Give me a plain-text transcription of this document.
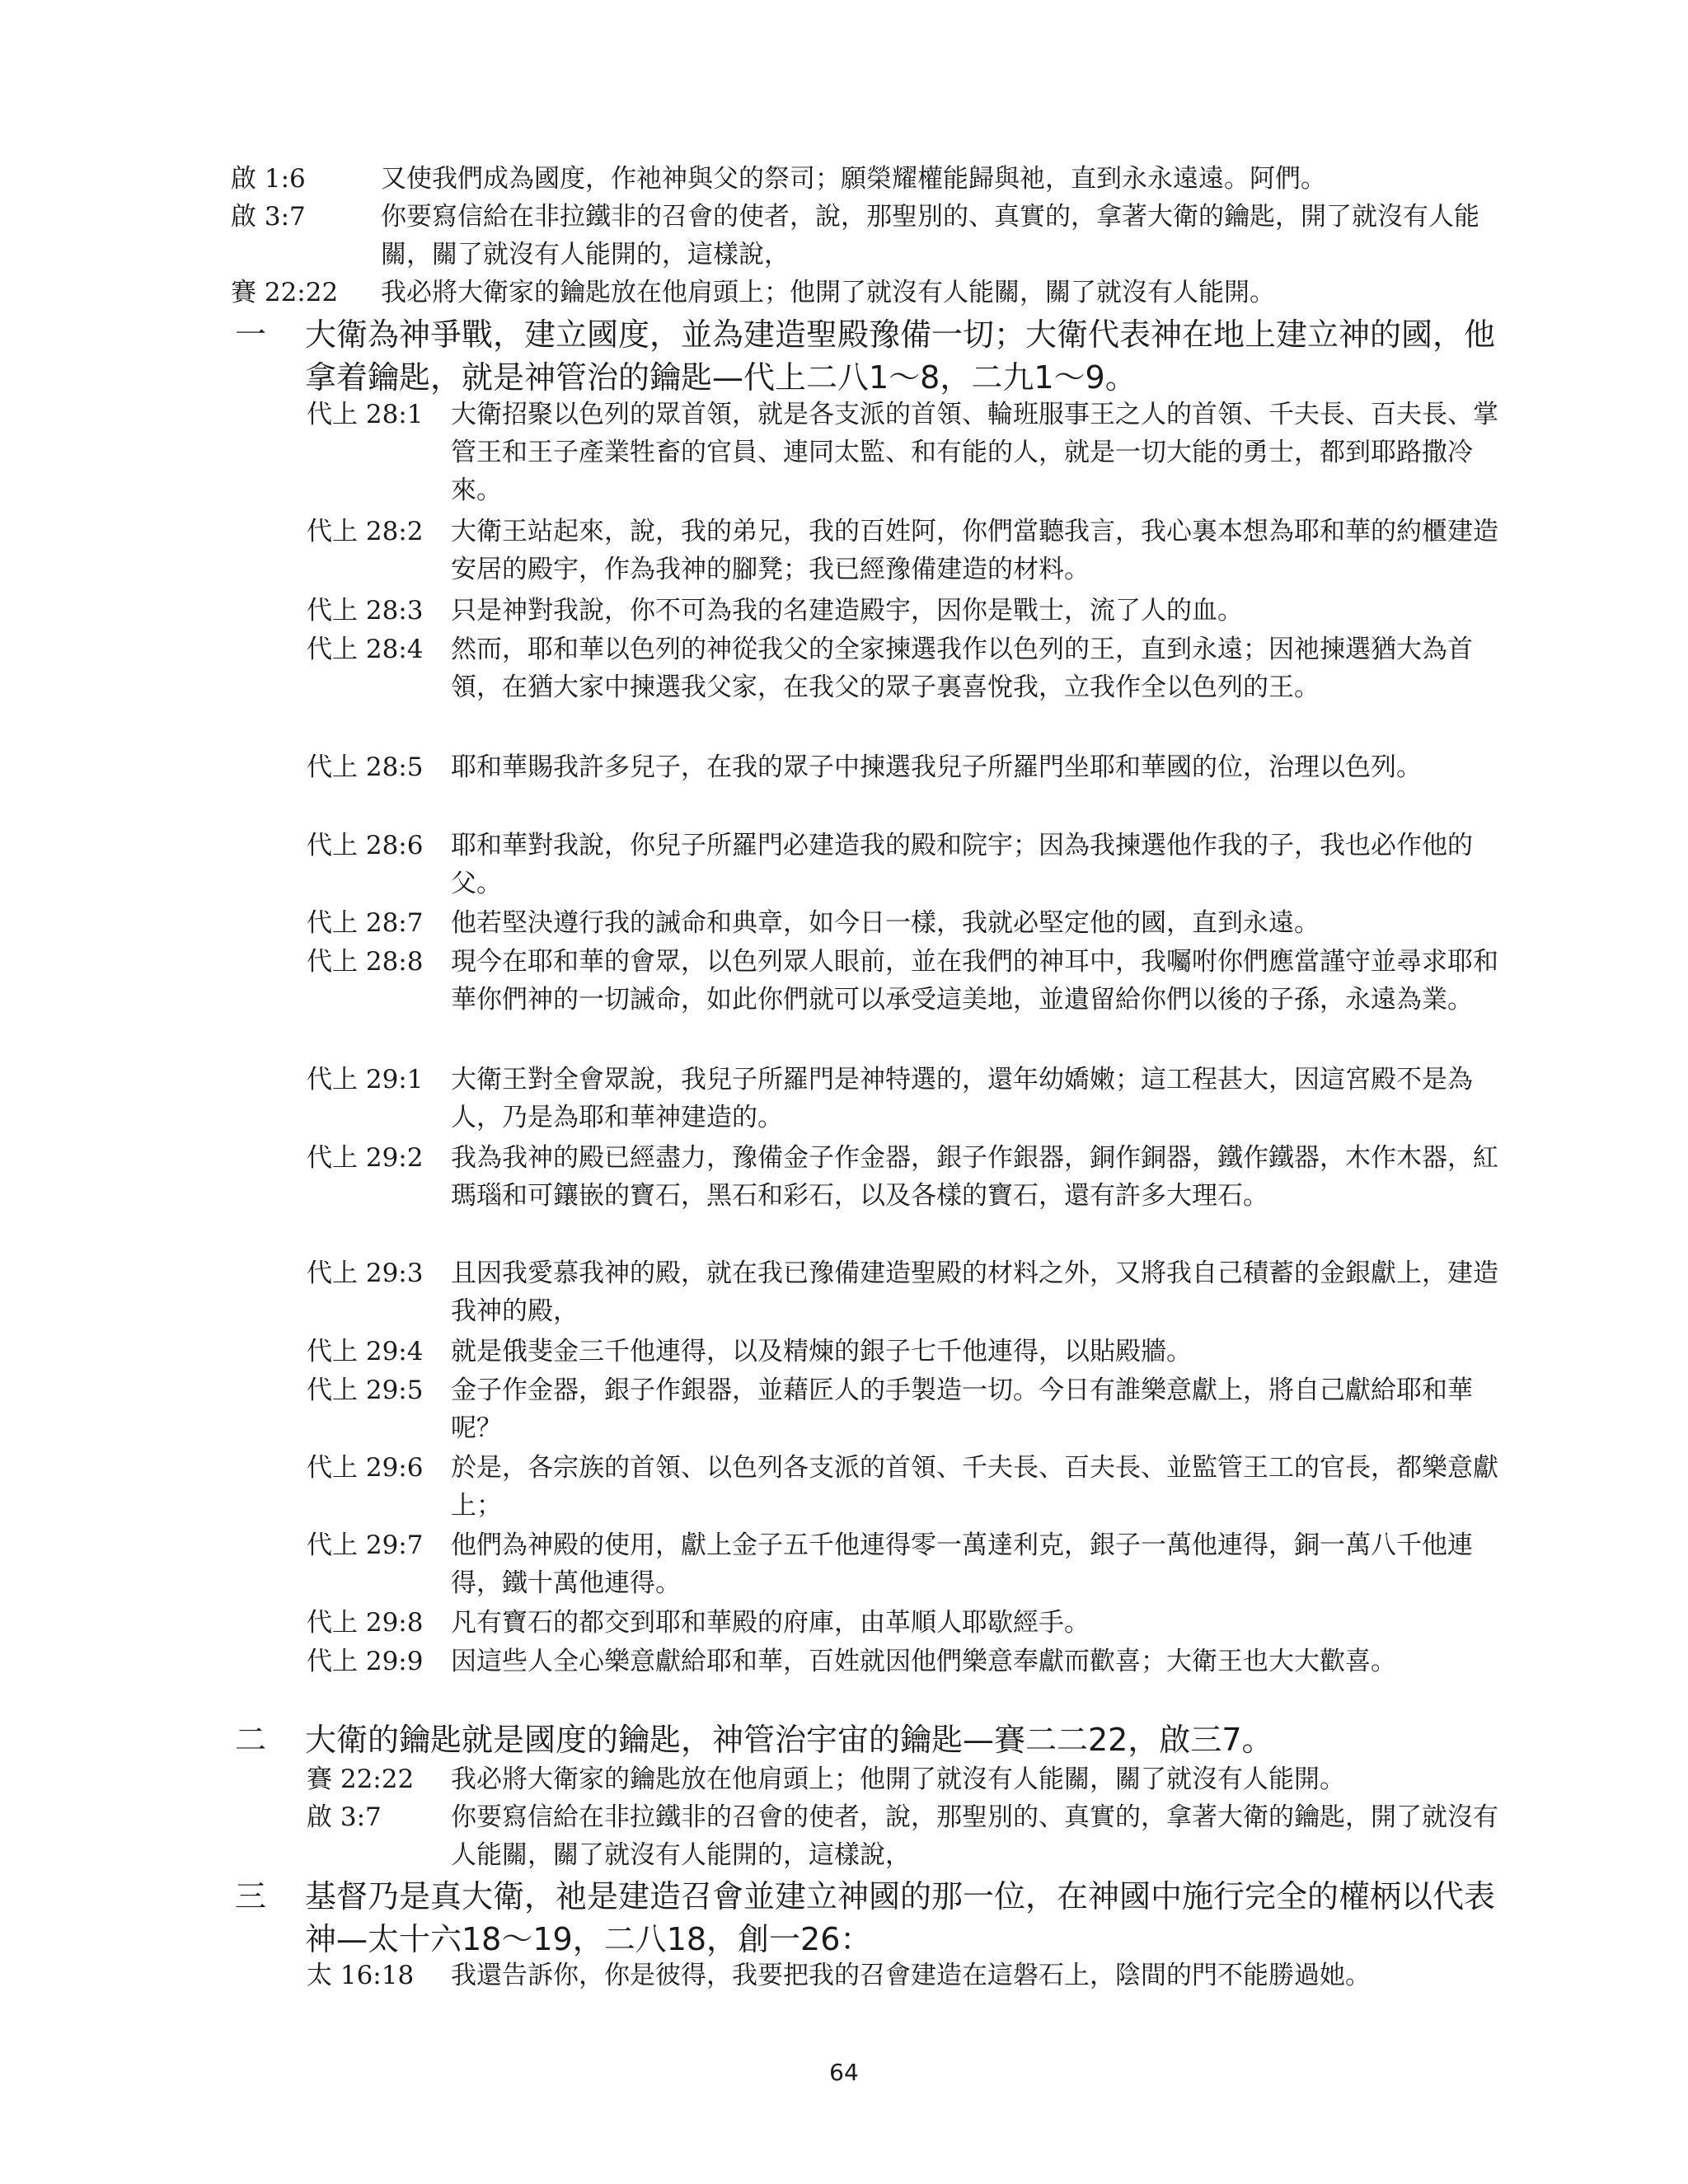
啟 1:6	又使我們成為國度，作祂神與父的祭司；願榮耀權能歸與祂，直到永永遠遠。阿們。
啟 3:7	你要寫信給在非拉鐵非的召會的使者，說，那聖別的、真實的，拿著大衛的鑰匙，開了就沒有人能關，關了就沒有人能開的，這樣說，
賽 22:22	我必將大衛家的鑰匙放在他肩頭上；他開了就沒有人能關，關了就沒有人能開。
一	大衛為神爭戰，建立國度，並為建造聖殿豫備一切；大衛代表神在地上建立神的國，他拿着鑰匙，就是神管治的鑰匙—代上二八1～8，二九1～9。
代上 28:1	大衛招聚以色列的眾首領，就是各支派的首領、輪班服事王之人的首領、千夫長、百夫長、掌管王和王子產業牲畜的官員、連同太監、和有能的人，就是一切大能的勇士，都到耶路撒冷來。
代上 28:2	大衛王站起來，說，我的弟兄，我的百姓阿，你們當聽我言，我心裏本想為耶和華的約櫃建造安居的殿宇，作為我神的腳凳；我已經豫備建造的材料。
代上 28:3	只是神對我說，你不可為我的名建造殿宇，因你是戰士，流了人的血。
代上 28:4	然而，耶和華以色列的神從我父的全家揀選我作以色列的王，直到永遠；因祂揀選猶大為首領，在猶大家中揀選我父家，在我父的眾子裏喜悅我，立我作全以色列的王。
代上 28:5	耶和華賜我許多兒子，在我的眾子中揀選我兒子所羅門坐耶和華國的位，治理以色列。
代上 28:6	耶和華對我說，你兒子所羅門必建造我的殿和院宇；因為我揀選他作我的子，我也必作他的父。
代上 28:7	他若堅決遵行我的誡命和典章，如今日一樣，我就必堅定他的國，直到永遠。
代上 28:8	現今在耶和華的會眾，以色列眾人眼前，並在我們的神耳中，我囑咐你們應當謹守並尋求耶和華你們神的一切誡命，如此你們就可以承受這美地，並遺留給你們以後的子孫，永遠為業。
代上 29:1	大衛王對全會眾說，我兒子所羅門是神特選的，還年幼嬌嫩；這工程甚大，因這宮殿不是為人，乃是為耶和華神建造的。
代上 29:2	我為我神的殿已經盡力，豫備金子作金器，銀子作銀器，銅作銅器，鐵作鐵器，木作木器，紅瑪瑙和可鑲嵌的寶石，黑石和彩石，以及各樣的寶石，還有許多大理石。
代上 29:3	且因我愛慕我神的殿，就在我已豫備建造聖殿的材料之外，又將我自己積蓄的金銀獻上，建造我神的殿，
代上 29:4	就是俄斐金三千他連得，以及精煉的銀子七千他連得，以貼殿牆。
代上 29:5	金子作金器，銀子作銀器，並藉匠人的手製造一切。今日有誰樂意獻上，將自己獻給耶和華呢？
代上 29:6	於是，各宗族的首領、以色列各支派的首領、千夫長、百夫長、並監管王工的官長，都樂意獻上；
代上 29:7	他們為神殿的使用，獻上金子五千他連得零一萬達利克，銀子一萬他連得，銅一萬八千他連得，鐵十萬他連得。
代上 29:8	凡有寶石的都交到耶和華殿的府庫，由革順人耶歇經手。
代上 29:9	因這些人全心樂意獻給耶和華，百姓就因他們樂意奉獻而歡喜；大衛王也大大歡喜。
二	大衛的鑰匙就是國度的鑰匙，神管治宇宙的鑰匙—賽二二22，啟三7。
賽 22:22	我必將大衛家的鑰匙放在他肩頭上；他開了就沒有人能關，關了就沒有人能開。
啟 3:7	你要寫信給在非拉鐵非的召會的使者，說，那聖別的、真實的，拿著大衛的鑰匙，開了就沒有人能關，關了就沒有人能開的，這樣說，
三	基督乃是真大衛，祂是建造召會並建立神國的那一位，在神國中施行完全的權柄以代表神—太十六18～19，二八18，創一26：
太 16:18	我還告訴你，你是彼得，我要把我的召會建造在這磐石上，陰間的門不能勝過她。
64
